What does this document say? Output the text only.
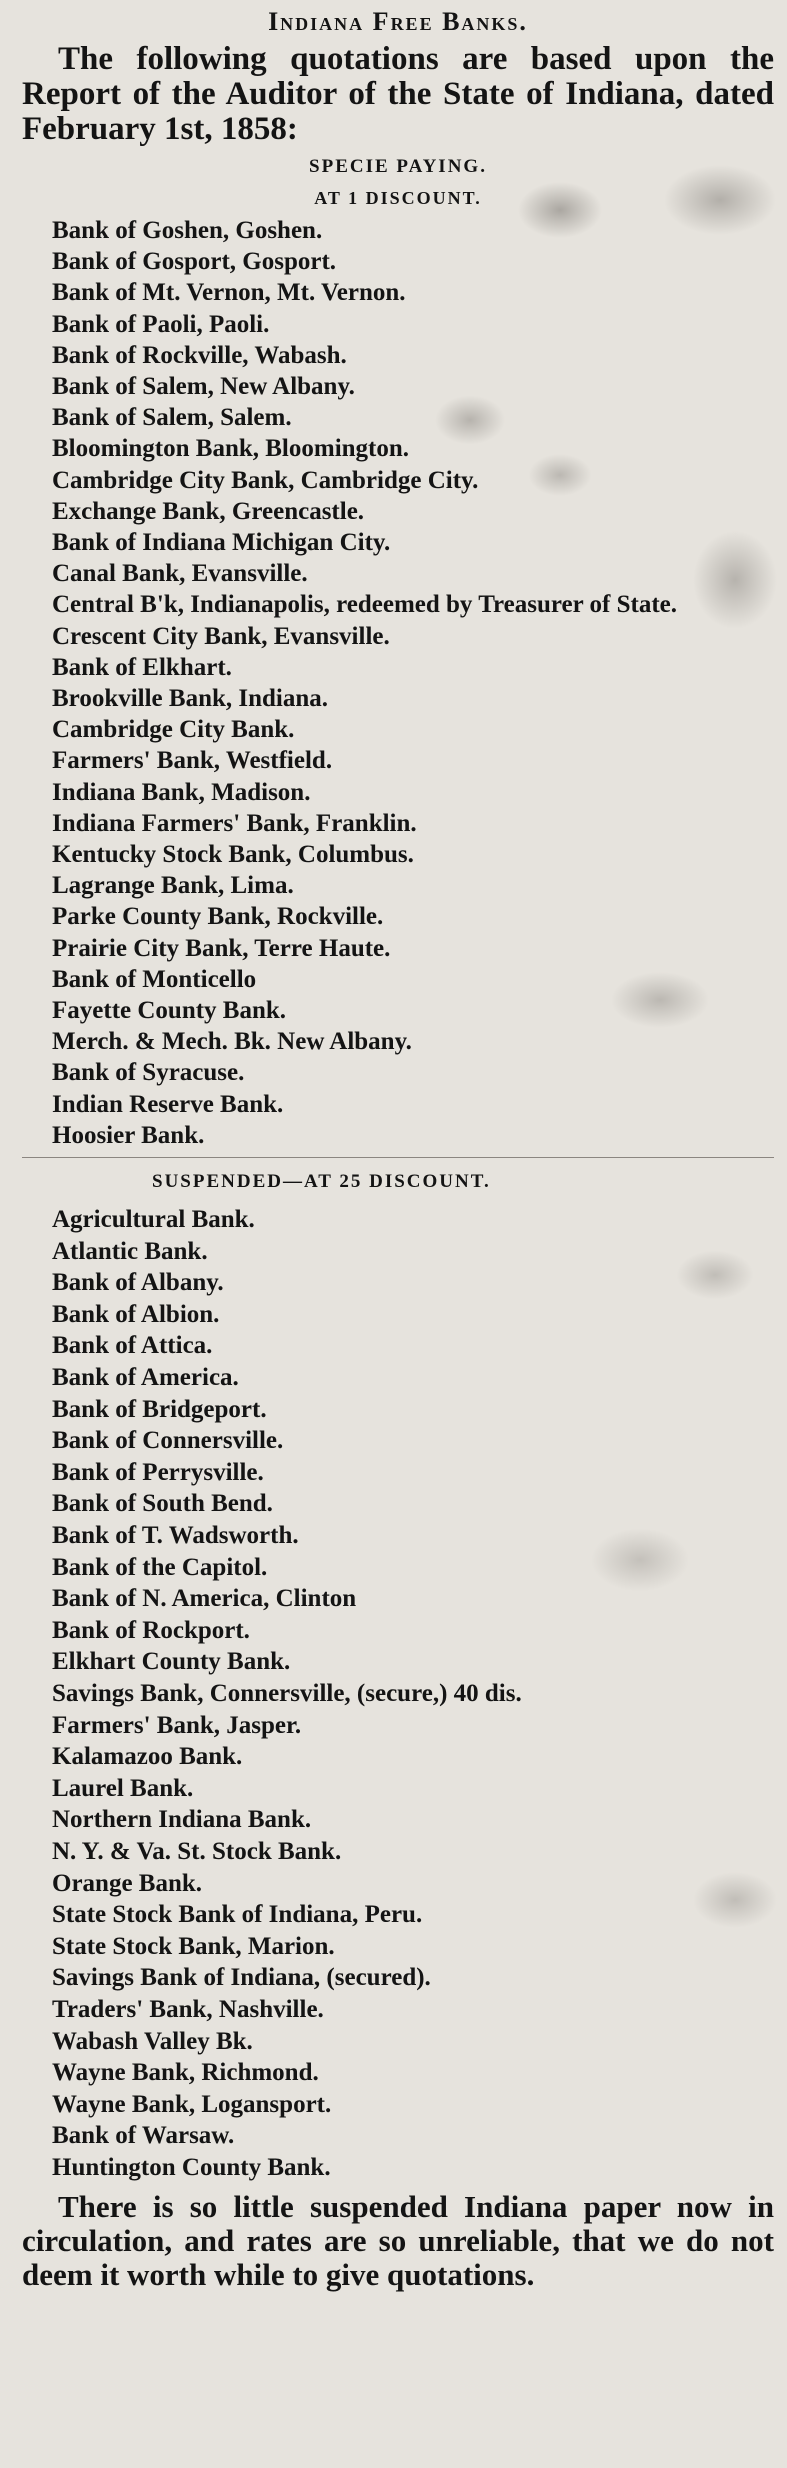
Indiana Free Banks.

The following quotations are based upon the Report of the Auditor of the State of Indiana, dated February 1st, 1858:

SPECIE PAYING.
AT 1 DISCOUNT.
Bank of Goshen, Goshen.
Bank of Gosport, Gosport.
Bank of Mt. Vernon, Mt. Vernon.
Bank of Paoli, Paoli.
Bank of Rockville, Wabash.
Bank of Salem, New Albany.
Bank of Salem, Salem.
Bloomington Bank, Bloomington.
Cambridge City Bank, Cambridge City.
Exchange Bank, Greencastle.
Bank of Indiana Michigan City.
Canal Bank, Evansville.
Central B'k, Indianapolis, redeemed by Treasurer of State.
Crescent City Bank, Evansville.
Bank of Elkhart.
Brookville Bank, Indiana.
Cambridge City Bank.
Farmers' Bank, Westfield.
Indiana Bank, Madison.
Indiana Farmers' Bank, Franklin.
Kentucky Stock Bank, Columbus.
Lagrange Bank, Lima.
Parke County Bank, Rockville.
Prairie City Bank, Terre Haute.
Bank of Monticello
Fayette County Bank.
Merch. & Mech. Bk. New Albany.
Bank of Syracuse.
Indian Reserve Bank.
Hoosier Bank.
SUSPENDED—AT 25 DISCOUNT.
Agricultural Bank.
Atlantic Bank.
Bank of Albany.
Bank of Albion.
Bank of Attica.
Bank of America.
Bank of Bridgeport.
Bank of Connersville.
Bank of Perrysville.
Bank of South Bend.
Bank of T. Wadsworth.
Bank of the Capitol.
Bank of N. America, Clinton
Bank of Rockport.
Elkhart County Bank.
Savings Bank, Connersville, (secure,) 40 dis.
Farmers' Bank, Jasper.
Kalamazoo Bank.
Laurel Bank.
Northern Indiana Bank.
N. Y. & Va. St. Stock Bank.
Orange Bank.
State Stock Bank of Indiana, Peru.
State Stock Bank, Marion.
Savings Bank of Indiana, (secured).
Traders' Bank, Nashville.
Wabash Valley Bk.
Wayne Bank, Richmond.
Wayne Bank, Logansport.
Bank of Warsaw.
Huntington County Bank.

There is so little suspended Indiana paper now in circulation, and rates are so unreliable, that we do not deem it worth while to give quotations.
